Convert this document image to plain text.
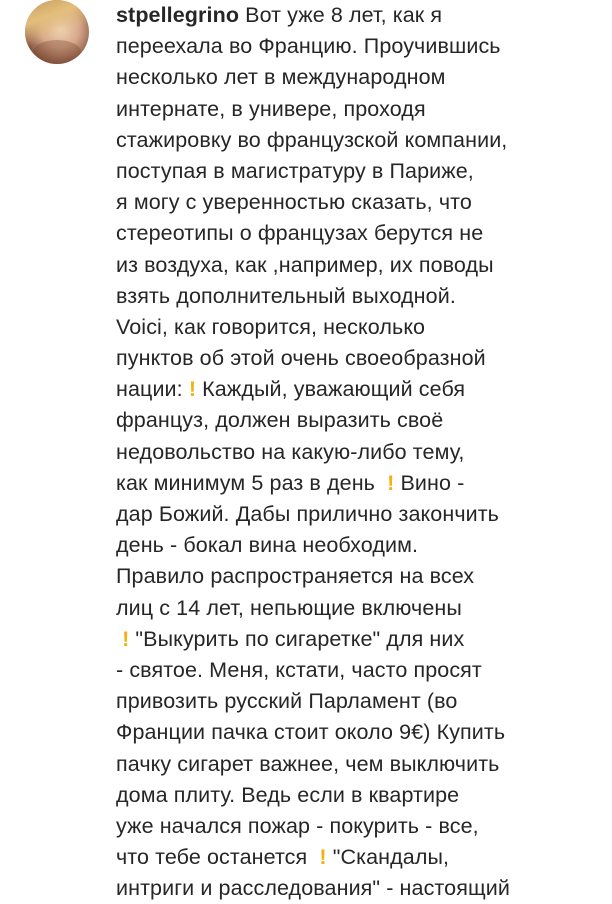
stpellegrino Вот уже 8 лет, как я
переехала во Францию. Проучившись
несколько лет в международном
интернате, в универе, проходя
стажировку во французской компании,
поступая в магистратуру в Париже,
я могу с уверенностью сказать, что
стереотипы о французах берутся не
из воздуха, как ,например, их поводы
взять дополнительный выходной.
Voici, как говорится, несколько
пунктов об этой очень своеобразной
нации: ! Каждый, уважающий себя
француз, должен выразить своё
недовольство на какую-либо тему,
как минимум 5 раз в день  ! Вино -
дар Божий. Дабы прилично закончить
день - бокал вина необходим.
Правило распространяется на всех
лиц с 14 лет, непьющие включены
! "Выкурить по сигаретке" для них
- святое. Меня, кстати, часто просят
привозить русский Парламент (во
Франции пачка стоит около 9€) Купить
пачку сигарет важнее, чем выключить
дома плиту. Ведь если в квартире
уже начался пожар - покурить - все,
что тебе останется  ! "Скандалы,
интриги и расследования" - настоящий
